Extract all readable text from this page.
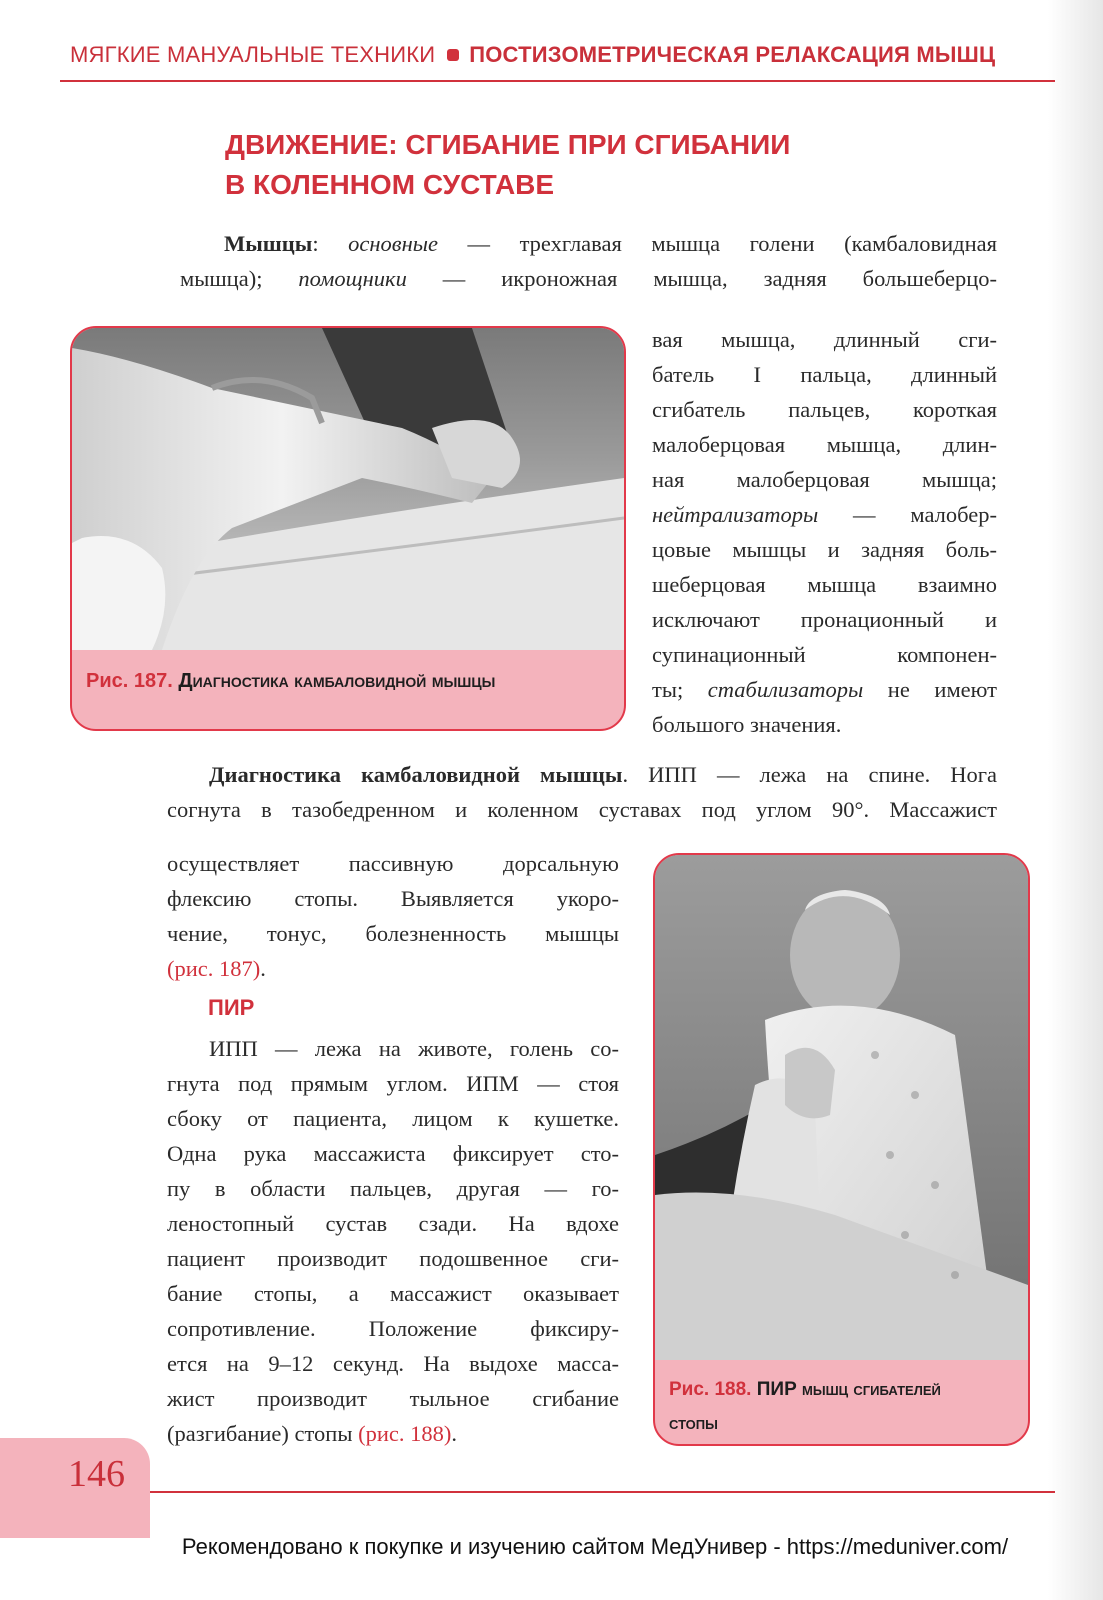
МЯГКИЕ МАНУАЛЬНЫЕ ТЕХНИКИ ПОСТИЗОМЕТРИЧЕСКАЯ РЕЛАКСАЦИЯ МЫШЦ
ДВИЖЕНИЕ: СГИБАНИЕ ПРИ СГИБАНИИ
В КОЛЕННОМ СУСТАВЕ
Мышцы: основные — трехглавая мышца голени (камбаловидная
мышца); помощники — икроножная мышца, задняя большеберцо-
Рис. 187. Диагностика камбаловидной мышцы
вая мышца, длинный сги-
батель I пальца, длинный
сгибатель пальцев, короткая
малоберцовая мышца, длин-
ная малоберцовая мышца;
нейтрализаторы — малобер-
цовые мышцы и задняя боль-
шеберцовая мышца взаимно
исключают пронационный и
супинационный компонен-
ты; стабилизаторы не имеют
большого значения.
Диагностика камбаловидной мышцы. ИПП — лежа на спине. Нога
согнута в тазобедренном и коленном суставах под углом 90°. Массажист
осуществляет пассивную дорсальную
флексию стопы. Выявляется укоро-
чение, тонус, болезненность мышцы
(рис. 187).
ПИР
ИПП — лежа на животе, голень со-
гнута под прямым углом. ИПМ — стоя
сбоку от пациента, лицом к кушетке.
Одна рука массажиста фиксирует сто-
пу в области пальцев, другая — го-
леностопный сустав сзади. На вдохе
пациент производит подошвенное сги-
бание стопы, а массажист оказывает
сопротивление. Положение фиксиру-
ется на 9–12 секунд. На выдохе масса-
жист производит тыльное сгибание
(разгибание) стопы (рис. 188).
Рис. 188. ПИР мышц сгибателей
стопы
146
Рекомендовано к покупке и изучению сайтом МедУнивер - https://meduniver.com/
